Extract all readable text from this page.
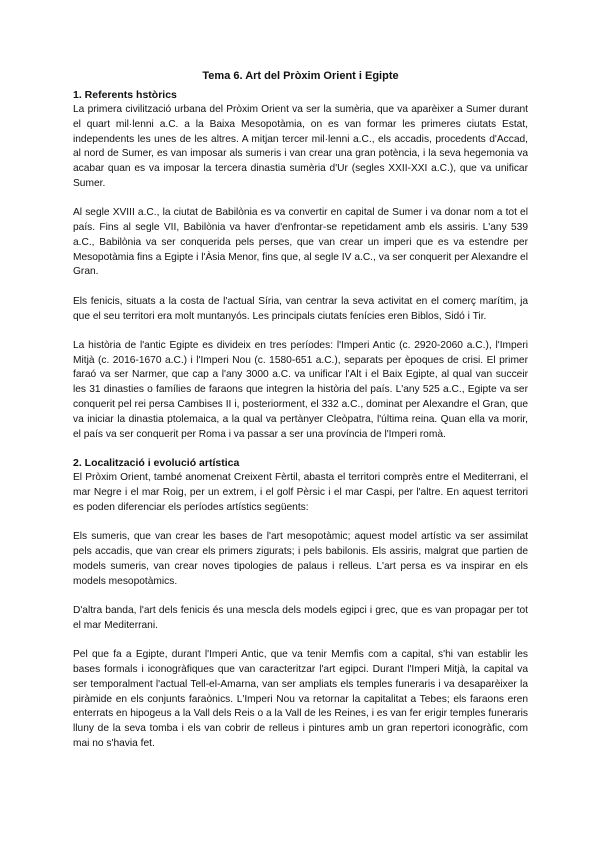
Tema 6. Art del Pròxim Orient i Egipte
1. Referents hstòrics

La primera civilització urbana del Pròxim Orient va ser la sumèria, que va aparèixer a Sumer durant el quart mil·lenni a.C. a la Baixa Mesopotàmia, on es van formar les primeres ciutats Estat, independents les unes de les altres. A mitjan tercer mil·lenni a.C., els accadis, procedents d'Accad, al nord de Sumer, es van imposar als sumeris i van crear una gran potència, i la seva hegemonia va acabar quan es va imposar la tercera dinastia sumèria d'Ur (segles XXII-XXI a.C.), que va unificar Sumer.

Al segle XVIII a.C., la ciutat de Babilònia es va convertir en capital de Sumer i va donar nom a tot el país. Fins al segle VII, Babilònia va haver d'enfrontar-se repetidament amb els assiris. L'any 539 a.C., Babilònia va ser conquerida pels perses, que van crear un imperi que es va estendre per Mesopotàmia fins a Egipte i l'Àsia Menor, fins que, al segle IV a.C., va ser conquerit per Alexandre el Gran.

Els fenicis, situats a la costa de l'actual Síria, van centrar la seva activitat en el comerç marítim, ja que el seu territori era molt muntanyós. Les principals ciutats fenícies eren Biblos, Sidó i Tir.

La història de l'antic Egipte es divideix en tres períodes: l'Imperi Antic (c. 2920-2060 a.C.), l'Imperi Mitjà (c. 2016-1670 a.C.) i l'Imperi Nou (c. 1580-651 a.C.), separats per èpoques de crisi. El primer faraó va ser Narmer, que cap a l'any 3000 a.C. va unificar l'Alt i el Baix Egipte, al qual van succeir les 31 dinasties o famílies de faraons que integren la història del país. L'any 525 a.C., Egipte va ser conquerit pel rei persa Cambises II i, posteriorment, el 332 a.C., dominat per Alexandre el Gran, que va iniciar la dinastia ptolemaica, a la qual va pertànyer Cleòpatra, l'última reina. Quan ella va morir, el país va ser conquerit per Roma i va passar a ser una província de l'Imperi romà.

2. Localització i evolució artística

El Pròxim Orient, també anomenat Creixent Fèrtil, abasta el territori comprès entre el Mediterrani, el mar Negre i el mar Roig, per un extrem, i el golf Pèrsic i el mar Caspi, per l'altre. En aquest territori es poden diferenciar els períodes artístics següents:

Els sumeris, que van crear les bases de l'art mesopotàmic; aquest model artístic va ser assimilat pels accadis, que van crear els primers zigurats; i pels babilonis. Els assiris, malgrat que partien de models sumeris, van crear noves tipologies de palaus i relleus. L'art persa es va inspirar en els models mesopotàmics.

D'altra banda, l'art dels fenicis és una mescla dels models egipci i grec, que es van propagar per tot el mar Mediterrani.

Pel que fa a Egipte, durant l'Imperi Antic, que va tenir Memfis com a capital, s'hi van establir les bases formals i iconogràfiques que van caracteritzar l'art egipci. Durant l'Imperi Mitjà, la capital va ser temporalment l'actual Tell-el-Amarna, van ser ampliats els temples funeraris i va desaparèixer la piràmide en els conjunts faraònics. L'Imperi Nou va retornar la capitalitat a Tebes; els faraons eren enterrats en hipogeus a la Vall dels Reis o a la Vall de les Reines, i es van fer erigir temples funeraris lluny de la seva tomba i els van cobrir de relleus i pintures amb un gran repertori iconogràfic, com mai no s'havia fet.
